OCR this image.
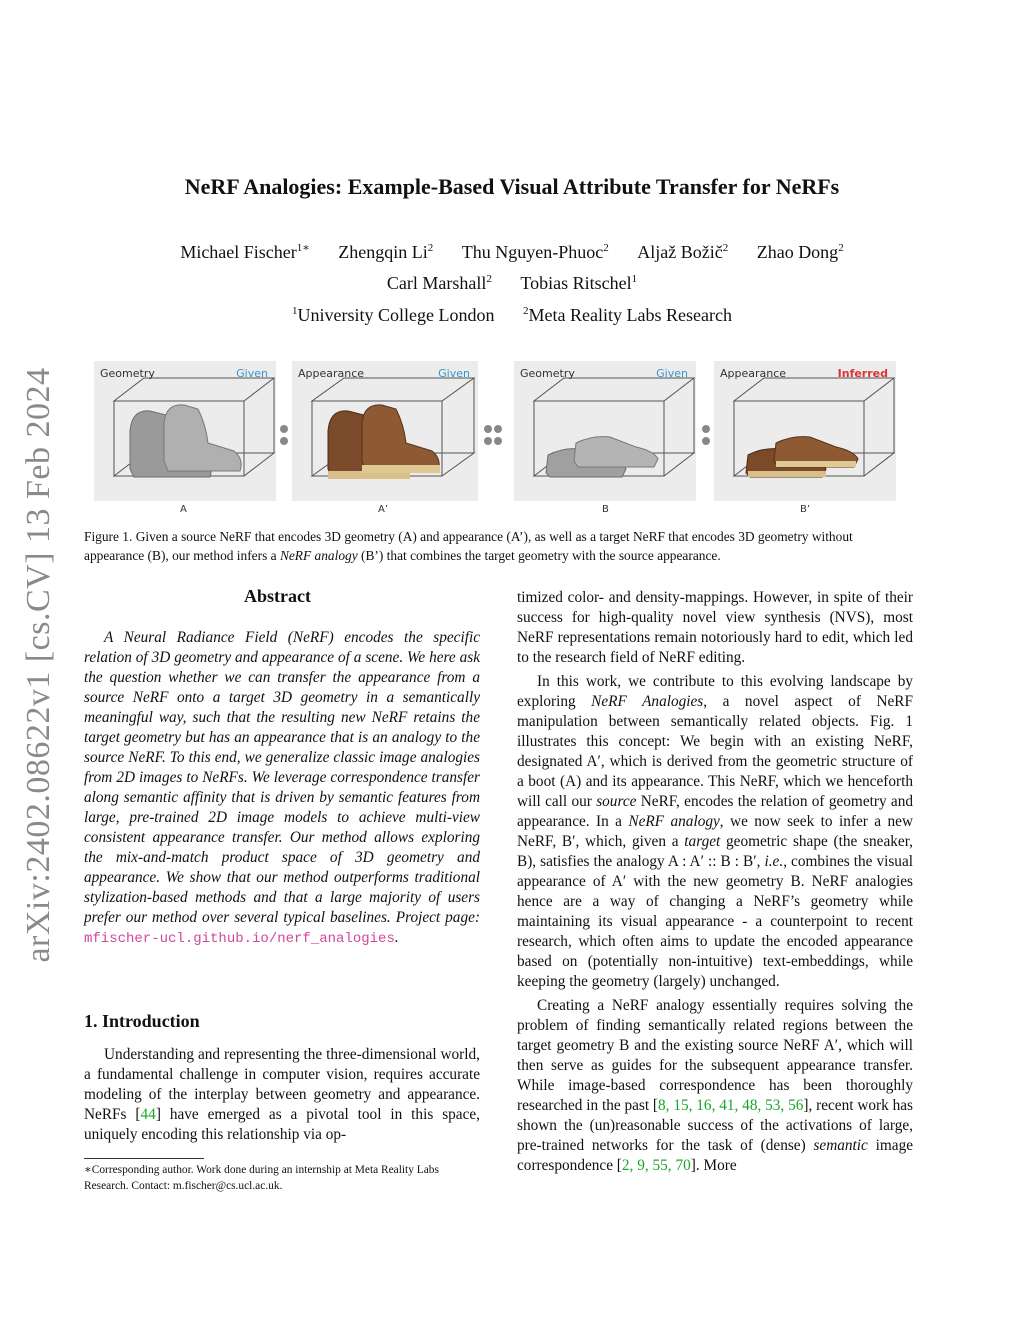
arXiv:2402.08622v1 [cs.CV] 13 Feb 2024
NeRF Analogies: Example-Based Visual Attribute Transfer for NeRFs
Michael Fischer$^{1∗}$ Zhengqin Li$^2$ Thu Nguyen-Phuoc$^2$ Aljaž Božič$^2$ Zhao Dong$^2$
Carl Marshall$^2$ Tobias Ritschel$^1$
$^1$University College London	$^2$Meta Reality Labs Research
Geometry	Given	Appearance	Given	Geometry	Given	Appearance	Inferred
A	A’	B	B’

Figure 1. Given a source NeRF that encodes 3D geometry (A) and appearance (A’), as well as a target NeRF that encodes 3D geometry without appearance (B), our method infers a NeRF analogy (B’) that combines the target geometry with the source appearance.

Abstract

A Neural Radiance Field (NeRF) encodes the specific relation of 3D geometry and appearance of a scene. We here ask the question whether we can transfer the appearance from a source NeRF onto a target 3D geometry in a semantically meaningful way, such that the resulting new NeRF retains the target geometry but has an appearance that is an analogy to the source NeRF. To this end, we generalize classic image analogies from 2D images to NeRFs. We leverage correspondence transfer along semantic affinity that is driven by semantic features from large, pre-trained 2D image models to achieve multi-view consistent appearance transfer. Our method allows exploring the mix-and-match product space of 3D geometry and appearance. We show that our method outperforms traditional stylization-based methods and that a large majority of users prefer our method over several typical baselines. Project page: mfischer-ucl.github.io/nerf_analogies.

1. Introduction

Understanding and representing the three-dimensional world, a fundamental challenge in computer vision, requires accurate modeling of the interplay between geometry and appearance. NeRFs [44] have emerged as a pivotal tool in this space, uniquely encoding this relationship via op-

∗Corresponding author. Work done during an internship at Meta Reality Labs Research. Contact: m.fischer@cs.ucl.ac.uk.

timized color- and density-mappings. However, in spite of their success for high-quality novel view synthesis (NVS), most NeRF representations remain notoriously hard to edit, which led to the research field of NeRF editing.

In this work, we contribute to this evolving landscape by exploring NeRF Analogies, a novel aspect of NeRF manipulation between semantically related objects. Fig. 1 illustrates this concept: We begin with an existing NeRF, designated A′, which is derived from the geometric structure of a boot (A) and its appearance. This NeRF, which we henceforth will call our source NeRF, encodes the relation of geometry and appearance. In a NeRF analogy, we now seek to infer a new NeRF, B′, which, given a target geometric shape (the sneaker, B), satisfies the analogy A : A′ :: B : B′, i.e., combines the visual appearance of A′ with the new geometry B. NeRF analogies hence are a way of changing a NeRF’s geometry while maintaining its visual appearance - a counterpoint to recent research, which often aims to update the encoded appearance based on (potentially non-intuitive) text-embeddings, while keeping the geometry (largely) unchanged.

Creating a NeRF analogy essentially requires solving the problem of finding semantically related regions between the target geometry B and the existing source NeRF A′, which will then serve as guides for the subsequent appearance transfer. While image-based correspondence has been thoroughly researched in the past [8, 15, 16, 41, 48, 53, 56], recent work has shown the (un)reasonable success of the activations of large, pre-trained networks for the task of (dense) semantic image correspondence [2, 9, 55, 70]. More
